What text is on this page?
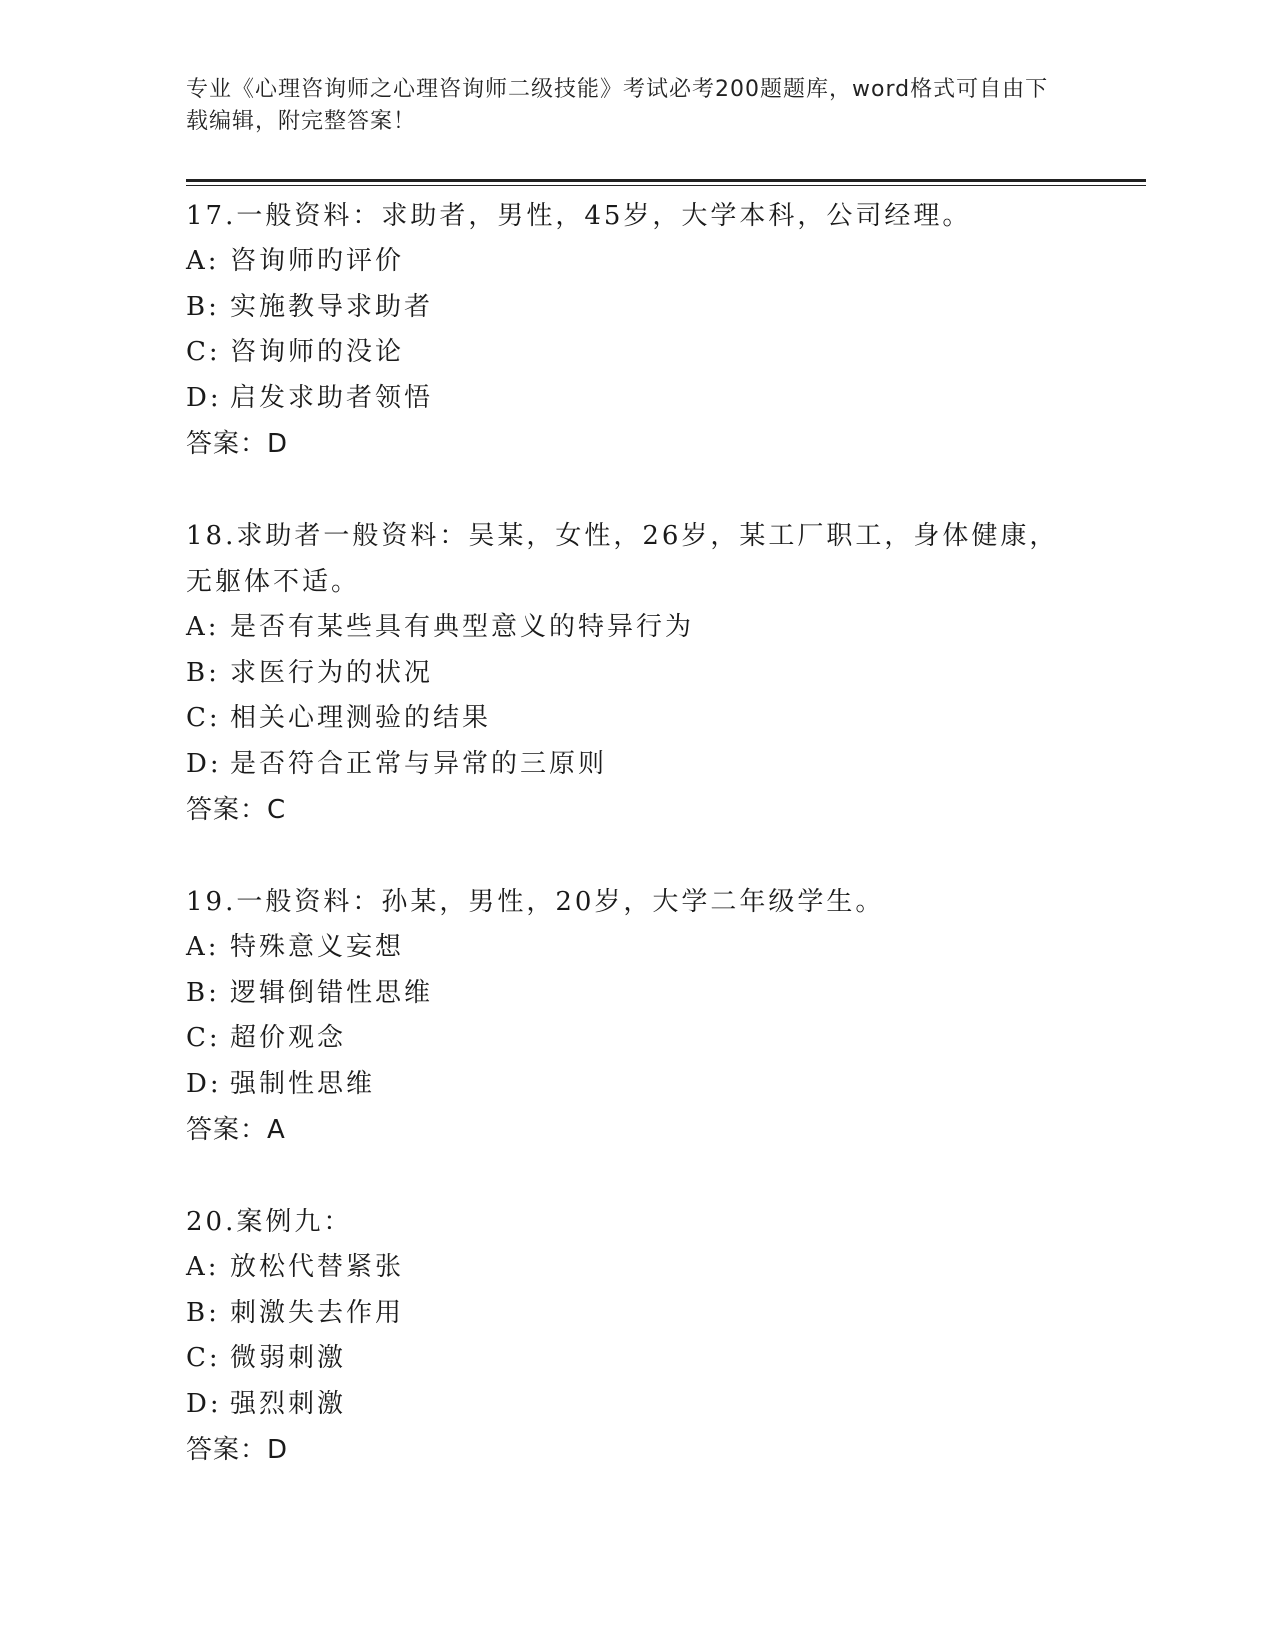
专业《心理咨询师之心理咨询师二级技能》考试必考200题题库，word格式可自由下载编辑，附完整答案！
17.一般资料：求助者，男性，45岁，大学本科，公司经理。
A: 咨询师旳评价
B: 实施教导求助者
C: 咨询师的没论
D: 启发求助者领悟
答案：D
18.求助者一般资料：吴某，女性，26岁，某工厂职工，身体健康，无躯体不适。
A: 是否有某些具有典型意义的特异行为
B: 求医行为的状况
C: 相关心理测验的结果
D: 是否符合正常与异常的三原则
答案：C
19.一般资料：孙某，男性，20岁，大学二年级学生。
A: 特殊意义妄想
B: 逻辑倒错性思维
C: 超价观念
D: 强制性思维
答案：A
20.案例九：
A: 放松代替紧张
B: 刺激失去作用
C: 微弱刺激
D: 强烈刺激
答案：D
